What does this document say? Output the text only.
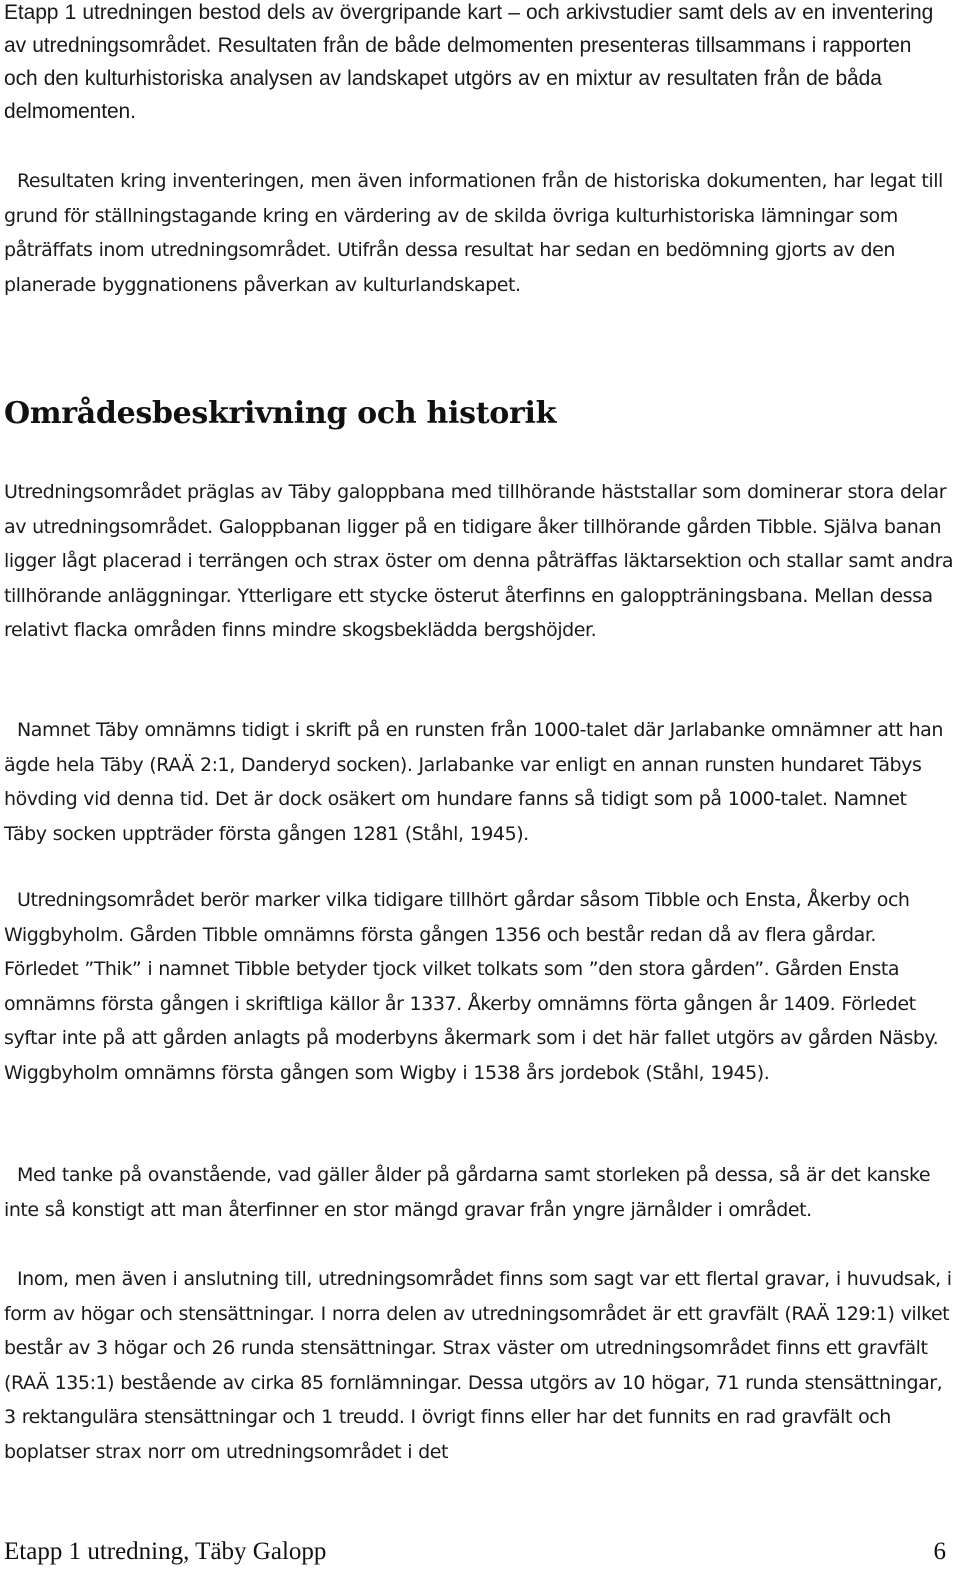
Etapp 1 utredningen bestod dels av övergripande kart – och arkivstudier samt dels av en inventering av utredningsområdet. Resultaten från de både delmomenten presenteras tillsammans i rapporten och den kulturhistoriska analysen av landskapet utgörs av en mixtur av resultaten från de båda delmomenten.

Resultaten kring inventeringen, men även informationen från de historiska dokumenten, har legat till grund för ställningstagande kring en värdering av de skilda övriga kulturhistoriska lämningar som påträffats inom utredningsområdet. Utifrån dessa resultat har sedan en bedömning gjorts av den planerade byggnationens påverkan av kulturlandskapet.

Områdesbeskrivning och historik

Utredningsområdet präglas av Täby galoppbana med tillhörande häststallar som dominerar stora delar av utredningsområdet. Galoppbanan ligger på en tidigare åker tillhörande gården Tibble. Själva banan ligger lågt placerad i terrängen och strax öster om denna påträffas läktarsektion och stallar samt andra tillhörande anläggningar. Ytterligare ett stycke österut återfinns en galoppträningsbana. Mellan dessa relativt flacka områden finns mindre skogsbeklädda bergshöjder.

Namnet Täby omnämns tidigt i skrift på en runsten från 1000-talet där Jarlabanke omnämner att han ägde hela Täby (RAÄ 2:1, Danderyd socken). Jarlabanke var enligt en annan runsten hundaret Täbys hövding vid denna tid. Det är dock osäkert om hundare fanns så tidigt som på 1000-talet. Namnet Täby socken uppträder första gången 1281 (Ståhl, 1945).

Utredningsområdet berör marker vilka tidigare tillhört gårdar såsom Tibble och Ensta, Åkerby och Wiggbyholm. Gården Tibble omnämns första gången 1356 och består redan då av flera gårdar. Förledet ”Thik” i namnet Tibble betyder tjock vilket tolkats som ”den stora gården”. Gården Ensta omnämns första gången i skriftliga källor år 1337. Åkerby omnämns förta gången år 1409. Förledet syftar inte på att gården anlagts på moderbyns åkermark som i det här fallet utgörs av gården Näsby. Wiggbyholm omnämns första gången som Wigby i 1538 års jordebok (Ståhl, 1945).

Med tanke på ovanstående, vad gäller ålder på gårdarna samt storleken på dessa, så är det kanske inte så konstigt att man återfinner en stor mängd gravar från yngre järnålder i området.

Inom, men även i anslutning till, utredningsområdet finns som sagt var ett flertal gravar, i huvudsak, i form av högar och stensättningar. I norra delen av utredningsområdet är ett gravfält (RAÄ 129:1) vilket består av 3 högar och 26 runda stensättningar. Strax väster om utredningsområdet finns ett gravfält (RAÄ 135:1) bestående av cirka 85 fornlämningar. Dessa utgörs av 10 högar, 71 runda stensättningar, 3 rektangulära stensättningar och 1 treudd. I övrigt finns eller har det funnits en rad gravfält och boplatser strax norr om utredningsområdet i det

Etapp 1 utredning, Täby Galopp	6
